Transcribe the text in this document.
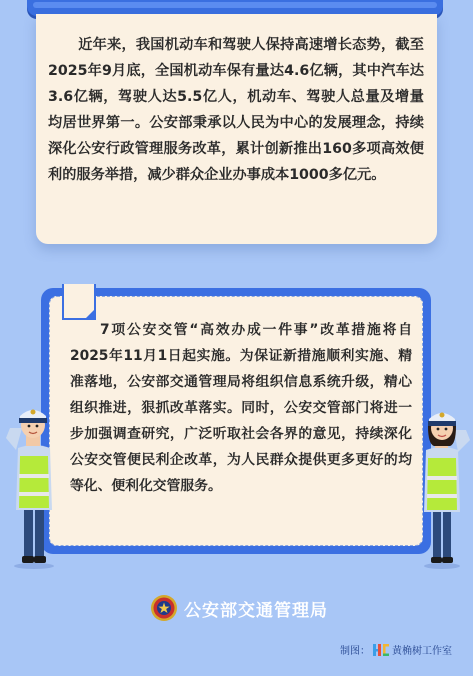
近年来，我国机动车和驾驶人保持高速增长态势，截至2025年9月底，全国机动车保有量达4.6亿辆，其中汽车达3.6亿辆，驾驶人达5.5亿人，机动车、驾驶人总量及增量均居世界第一。公安部秉承以人民为中心的发展理念，持续深化公安行政管理服务改革，累计创新推出160多项高效便利的服务举措，减少群众企业办事成本1000多亿元。
7项公安交管“高效办成一件事”改革措施将自2025年11月1日起实施。为保证新措施顺利实施、精准落地，公安部交通管理局将组织信息系统升级，精心组织推进，狠抓改革落实。同时，公安交管部门将进一步加强调查研究，广泛听取社会各界的意见，持续深化公安交管便民利企改革，为人民群众提供更多更好的均等化、便利化交管服务。
公安部交通管理局
制图： 黄桷树工作室
